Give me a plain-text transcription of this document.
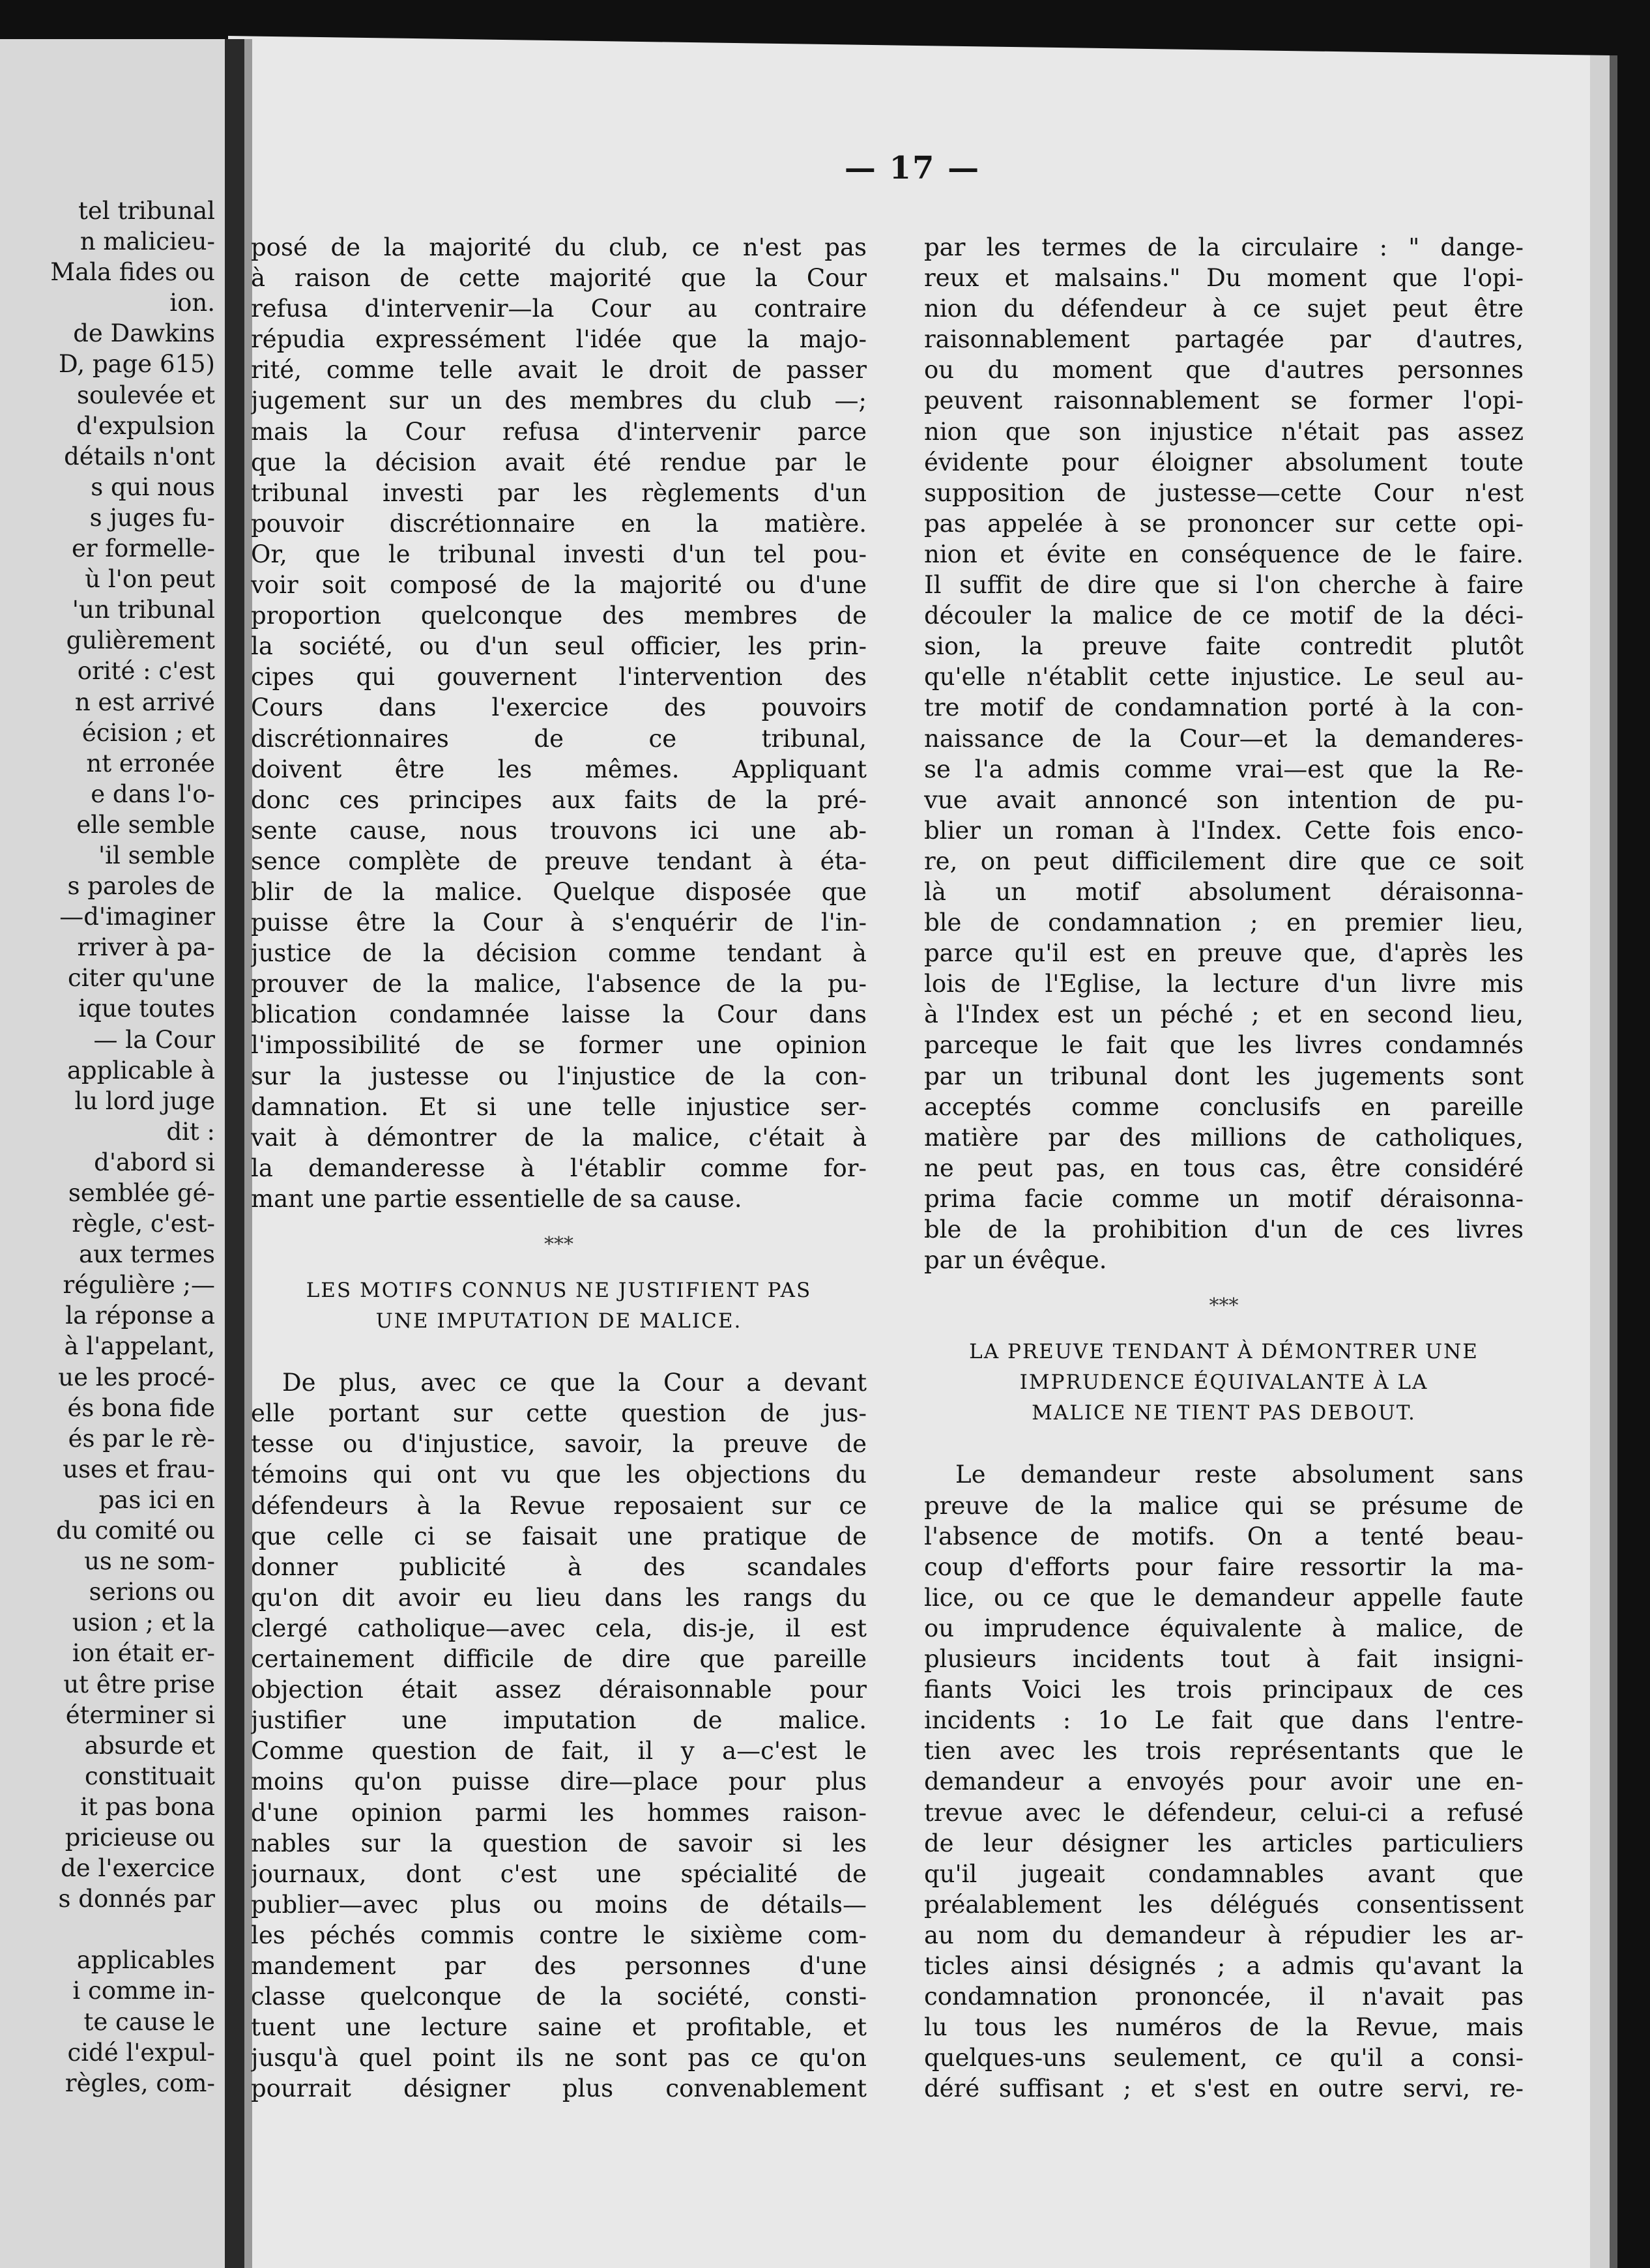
tel tribunal
n malicieu-
Mala fides ou
ion.
de Dawkins
D, page 615)
soulevée et
d'expulsion
détails n'ont
s qui nous
s juges fu-
er formelle-
ù l'on peut
'un tribunal
gulièrement
orité : c'est
n est arrivé
écision ; et
nt erronée
e dans l'o-
elle semble
'il semble
s paroles de
—d'imaginer
rriver à pa-
citer qu'une
ique toutes
— la Cour
applicable à
lu lord juge
dit :
d'abord si
semblée gé-
règle, c'est-
aux termes
régulière ;—
la réponse a
à l'appelant,
ue les procé-
és bona fide
és par le rè-
uses et frau-
pas ici en
du comité ou
us ne som-
serions ou
usion ; et la
ion était er-
ut être prise
éterminer si
absurde et
constituait
it pas bona
pricieuse ou
de l'exercice
s donnés par
applicables
i comme in-
te cause le
cidé l'expul-
règles, com-
— 17 —
posé de la majorité du club, ce n'est pas
à raison de cette majorité que la Cour
refusa d'intervenir—la Cour au contraire
répudia expressément l'idée que la majo-
rité, comme telle avait le droit de passer
jugement sur un des membres du club —;
mais la Cour refusa d'intervenir parce
que la décision avait été rendue par le
tribunal investi par les règlements d'un
pouvoir discrétionnaire en la matière.
Or, que le tribunal investi d'un tel pou-
voir soit composé de la majorité ou d'une
proportion quelconque des membres de
la société, ou d'un seul officier, les prin-
cipes qui gouvernent l'intervention des
Cours dans l'exercice des pouvoirs
discrétionnaires de ce tribunal,
doivent être les mêmes. Appliquant
donc ces principes aux faits de la pré-
sente cause, nous trouvons ici une ab-
sence complète de preuve tendant à éta-
blir de la malice. Quelque disposée que
puisse être la Cour à s'enquérir de l'in-
justice de la décision comme tendant à
prouver de la malice, l'absence de la pu-
blication condamnée laisse la Cour dans
l'impossibilité de se former une opinion
sur la justesse ou l'injustice de la con-
damnation. Et si une telle injustice ser-
vait à démontrer de la malice, c'était à
la demanderesse à l'établir comme for-
mant une partie essentielle de sa cause.
***
LES MOTIFS CONNUS NE JUSTIFIENT PAS
UNE IMPUTATION DE MALICE.
De plus, avec ce que la Cour a devant
elle portant sur cette question de jus-
tesse ou d'injustice, savoir, la preuve de
témoins qui ont vu que les objections du
défendeurs à la Revue reposaient sur ce
que celle ci se faisait une pratique de
donner publicité à des scandales
qu'on dit avoir eu lieu dans les rangs du
clergé catholique—avec cela, dis-je, il est
certainement difficile de dire que pareille
objection était assez déraisonnable pour
justifier une imputation de malice.
Comme question de fait, il y a—c'est le
moins qu'on puisse dire—place pour plus
d'une opinion parmi les hommes raison-
nables sur la question de savoir si les
journaux, dont c'est une spécialité de
publier—avec plus ou moins de détails—
les péchés commis contre le sixième com-
mandement par des personnes d'une
classe quelconque de la société, consti-
tuent une lecture saine et profitable, et
jusqu'à quel point ils ne sont pas ce qu'on
pourrait désigner plus convenablement
par les termes de la circulaire : " dange-
reux et malsains." Du moment que l'opi-
nion du défendeur à ce sujet peut être
raisonnablement partagée par d'autres,
ou du moment que d'autres personnes
peuvent raisonnablement se former l'opi-
nion que son injustice n'était pas assez
évidente pour éloigner absolument toute
supposition de justesse—cette Cour n'est
pas appelée à se prononcer sur cette opi-
nion et évite en conséquence de le faire.
Il suffit de dire que si l'on cherche à faire
découler la malice de ce motif de la déci-
sion, la preuve faite contredit plutôt
qu'elle n'établit cette injustice. Le seul au-
tre motif de condamnation porté à la con-
naissance de la Cour—et la demanderes-
se l'a admis comme vrai—est que la Re-
vue avait annoncé son intention de pu-
blier un roman à l'Index. Cette fois enco-
re, on peut difficilement dire que ce soit
là un motif absolument déraisonna-
ble de condamnation ; en premier lieu,
parce qu'il est en preuve que, d'après les
lois de l'Eglise, la lecture d'un livre mis
à l'Index est un péché ; et en second lieu,
parceque le fait que les livres condamnés
par un tribunal dont les jugements sont
acceptés comme conclusifs en pareille
matière par des millions de catholiques,
ne peut pas, en tous cas, être considéré
prima facie comme un motif déraisonna-
ble de la prohibition d'un de ces livres
par un évêque.
***
LA PREUVE TENDANT À DÉMONTRER UNE
IMPRUDENCE ÉQUIVALANTE À LA
MALICE NE TIENT PAS DEBOUT.
Le demandeur reste absolument sans
preuve de la malice qui se présume de
l'absence de motifs. On a tenté beau-
coup d'efforts pour faire ressortir la ma-
lice, ou ce que le demandeur appelle faute
ou imprudence équivalente à malice, de
plusieurs incidents tout à fait insigni-
fiants Voici les trois principaux de ces
incidents : 1o Le fait que dans l'entre-
tien avec les trois représentants que le
demandeur a envoyés pour avoir une en-
trevue avec le défendeur, celui-ci a refusé
de leur désigner les articles particuliers
qu'il jugeait condamnables avant que
préalablement les délégués consentissent
au nom du demandeur à répudier les ar-
ticles ainsi désignés ; a admis qu'avant la
condamnation prononcée, il n'avait pas
lu tous les numéros de la Revue, mais
quelques-uns seulement, ce qu'il a consi-
déré suffisant ; et s'est en outre servi, re-
